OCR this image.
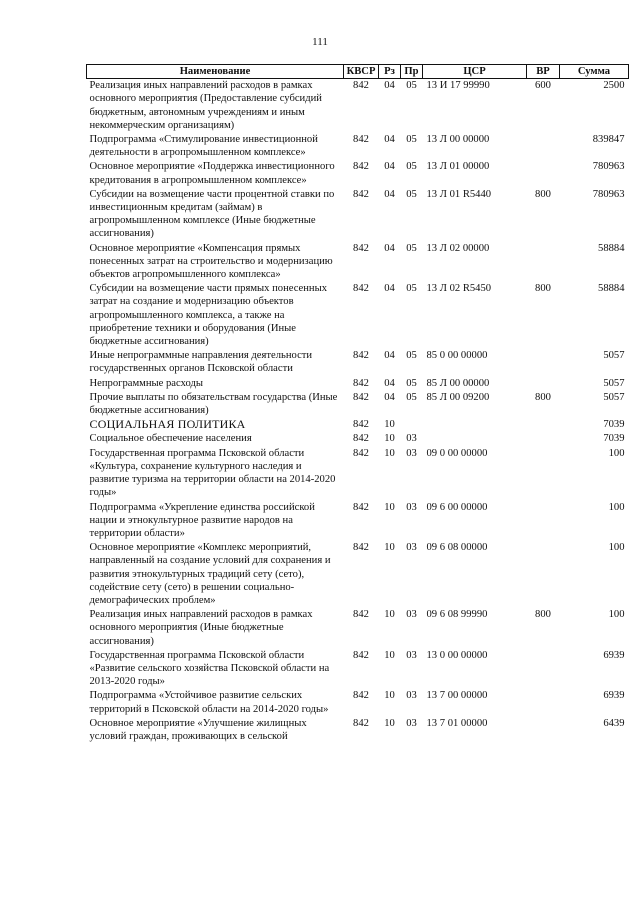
111
Наименование	КВСР	Рз	Пр	ЦСР	ВР	Сумма
Реализация иных направлений расходов в рамках основного мероприятия (Предоставление субсидий бюджетным, автономным учреждениям и иным некоммерческим организациям)	842	04	05	13 И 17 99990	600	2500
Подпрограмма «Стимулирование инвестиционной деятельности в агропромышленном комплексе»	842	04	05	13 Л 00 00000		839847
Основное мероприятие «Поддержка инвестиционного кредитования в агропромышленном комплексе»	842	04	05	13 Л 01 00000		780963
Субсидии на возмещение части процентной ставки по инвестиционным кредитам (займам) в агропромышленном комплексе (Иные бюджетные ассигнования)	842	04	05	13 Л 01 R5440	800	780963
Основное мероприятие «Компенсация прямых понесенных затрат на строительство и модернизацию объектов агропромышленного комплекса»	842	04	05	13 Л 02 00000		58884
Субсидии на возмещение части прямых понесенных затрат на создание и модернизацию объектов агропромышленного комплекса, а также на приобретение техники и оборудования (Иные бюджетные ассигнования)	842	04	05	13 Л 02 R5450	800	58884
Иные непрограммные направления деятельности государственных органов Псковской области	842	04	05	85 0 00 00000		5057
Непрограммные расходы	842	04	05	85 Л 00 00000		5057
Прочие выплаты по обязательствам государства (Иные бюджетные ассигнования)	842	04	05	85 Л 00 09200	800	5057
СОЦИАЛЬНАЯ ПОЛИТИКА	842	10				7039
Социальное обеспечение населения	842	10	03			7039
Государственная программа Псковской области «Культура, сохранение культурного наследия и развитие туризма на территории области на 2014-2020 годы»	842	10	03	09 0 00 00000		100
Подпрограмма «Укрепление единства российской нации и этнокультурное развитие народов на территории области»	842	10	03	09 6 00 00000		100
Основное мероприятие «Комплекс мероприятий, направленный на создание условий для сохранения и развития этнокультурных традиций сету (сето), содействие сету (сето) в решении социально-демографических проблем»	842	10	03	09 6 08 00000		100
Реализация иных направлений расходов в рамках основного мероприятия (Иные бюджетные ассигнования)	842	10	03	09 6 08 99990	800	100
Государственная программа Псковской области «Развитие сельского хозяйства Псковской области на 2013-2020 годы»	842	10	03	13 0 00 00000		6939
Подпрограмма «Устойчивое развитие сельских территорий в Псковской области на 2014-2020 годы»	842	10	03	13 7 00 00000		6939
Основное мероприятие «Улучшение жилищных условий граждан, проживающих в сельской	842	10	03	13 7 01 00000		6439
